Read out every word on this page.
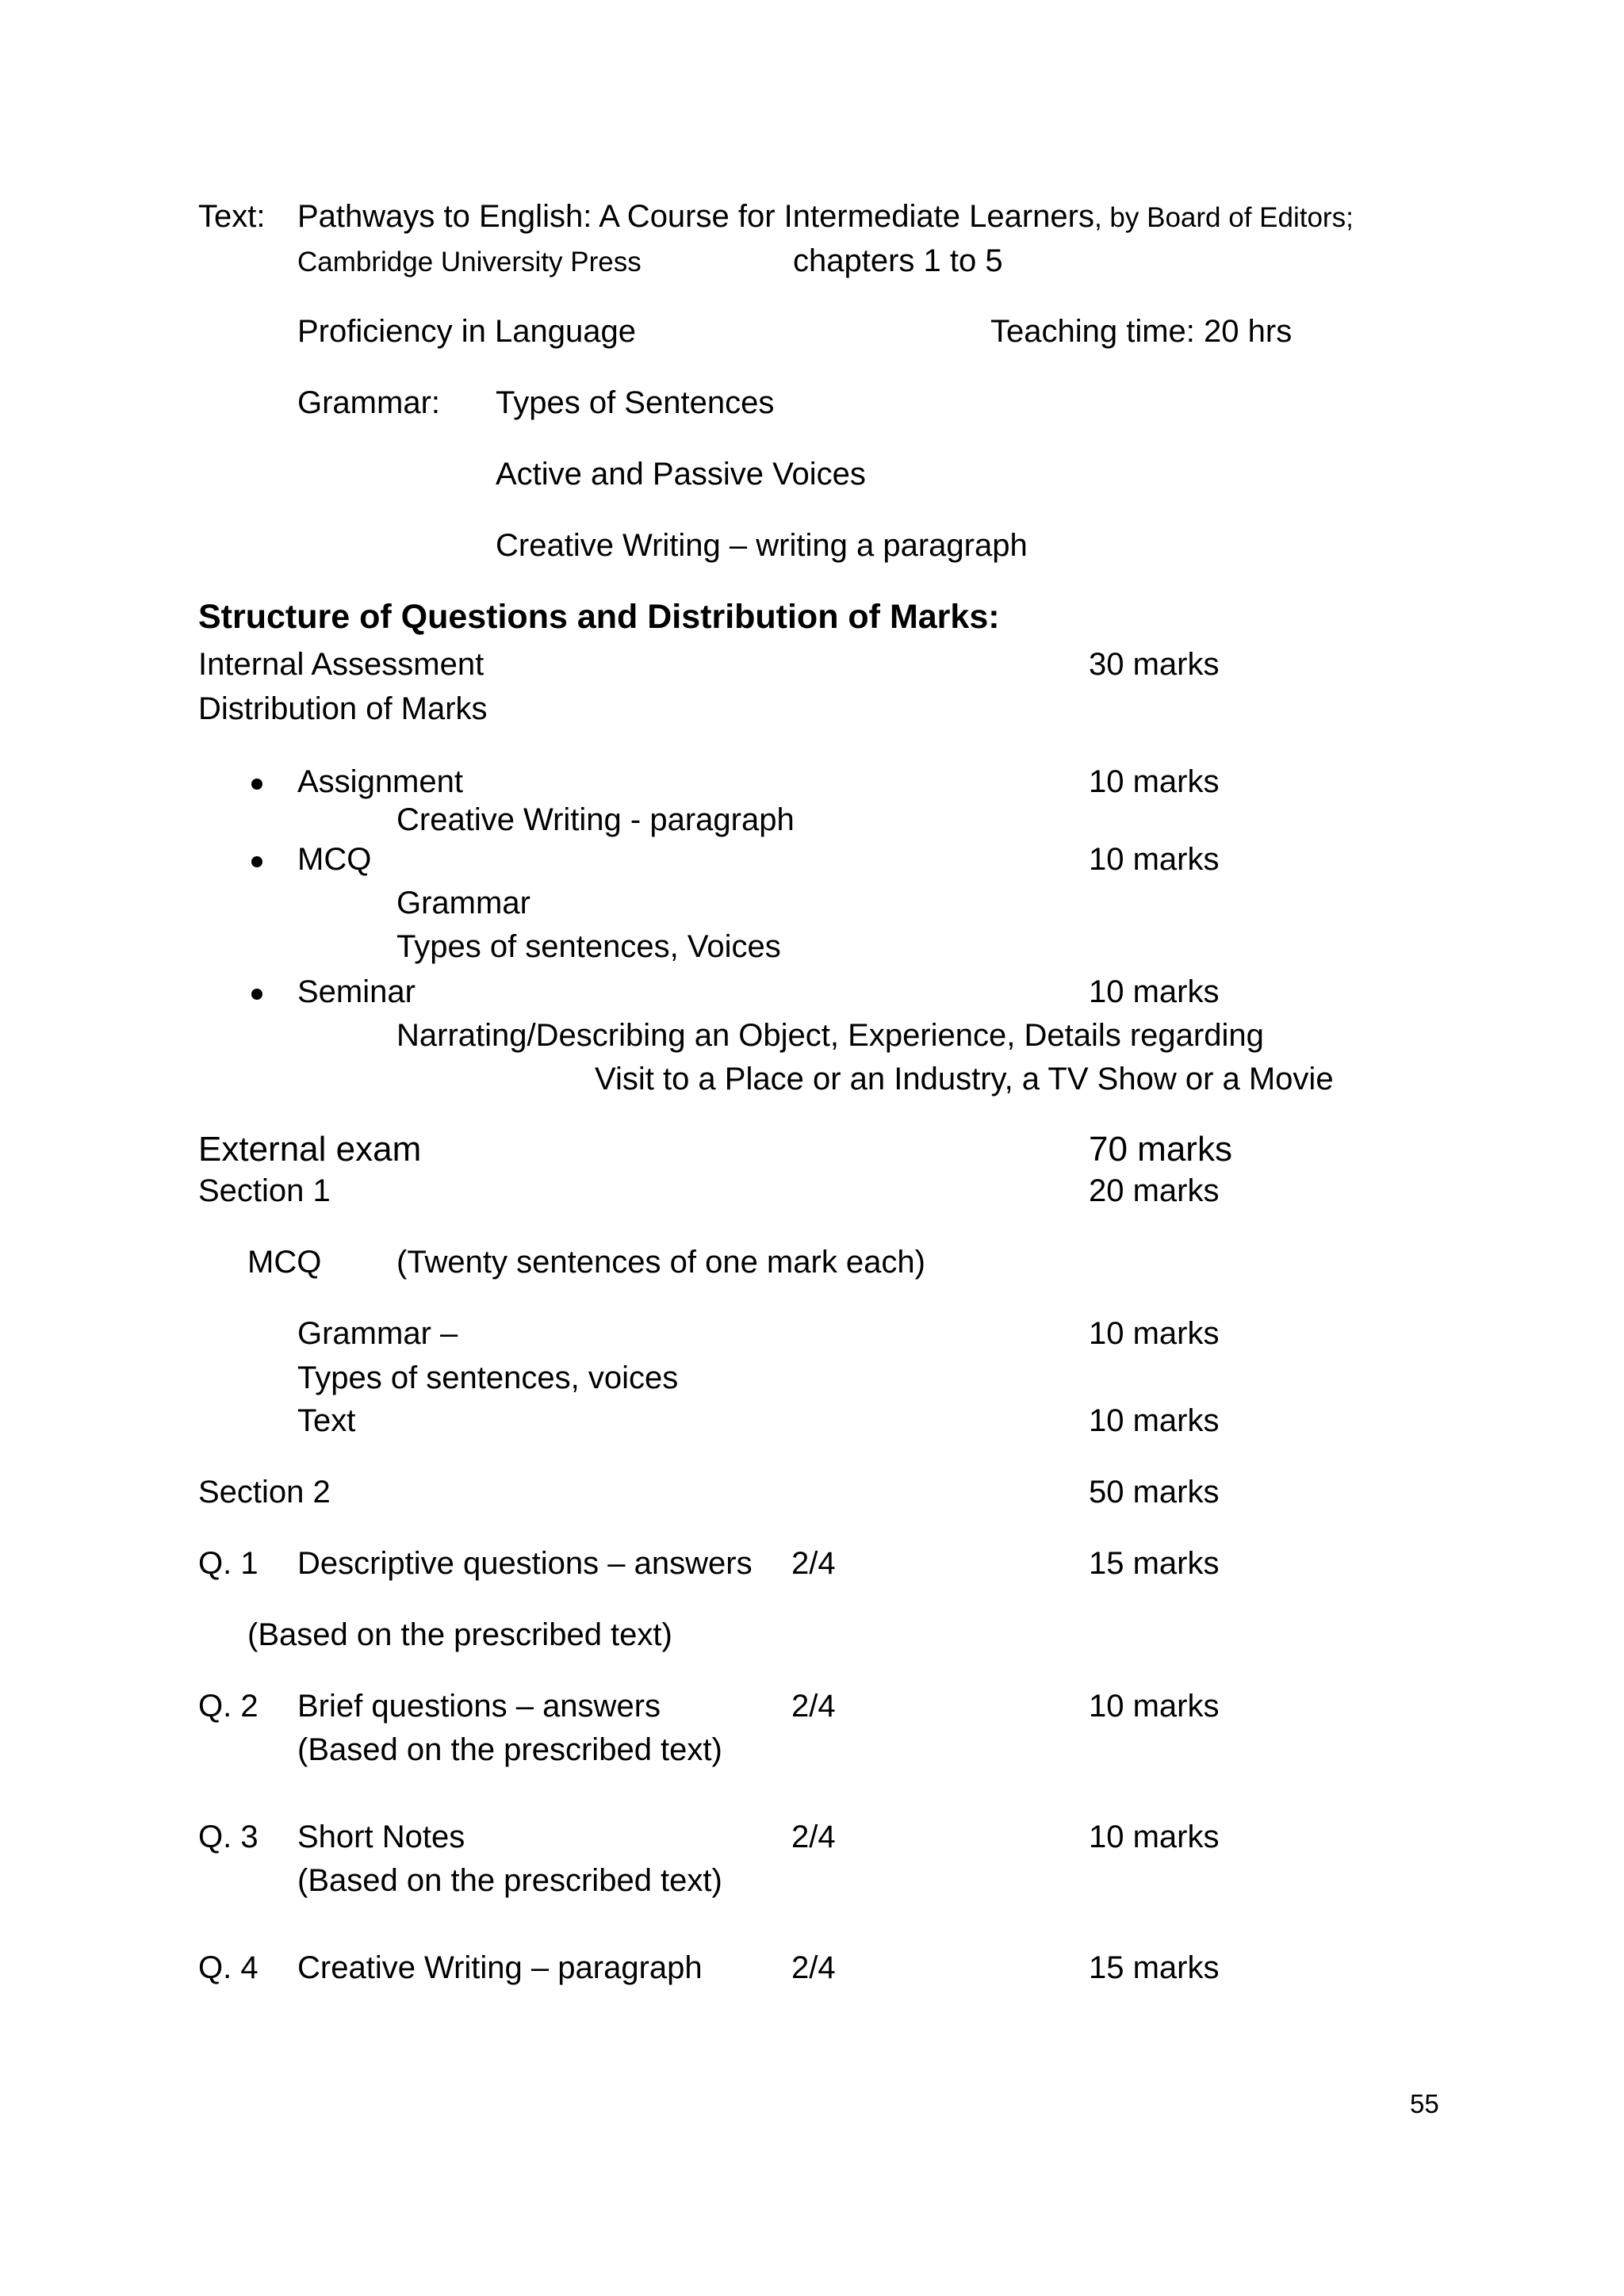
Text: Pathways to English: A Course for Intermediate Learners, by Board of Editors;
Cambridge University Press	chapters 1 to 5
Proficiency in Language	Teaching time: 20 hrs
Grammar: Types of Sentences
Active and Passive Voices
Creative Writing – writing a paragraph
Structure of Questions and Distribution of Marks:
Internal Assessment	30 marks
Distribution of Marks
Assignment	10 marks
Creative Writing - paragraph
MCQ	10 marks
Grammar
Types of sentences, Voices
Seminar	10 marks
Narrating/Describing an Object, Experience, Details regarding
Visit to a Place or an Industry, a TV Show or a Movie
External exam	70 marks
Section 1	20 marks
MCQ (Twenty sentences of one mark each)
Grammar –	10 marks
Types of sentences, voices
Text	10 marks
Section 2	50 marks
Q. 1 Descriptive questions – answers 2/4	15 marks
(Based on the prescribed text)
Q. 2 Brief questions – answers	2/4	10 marks
(Based on the prescribed text)
Q. 3 Short Notes	2/4	10 marks
(Based on the prescribed text)
Q. 4 Creative Writing – paragraph	2/4	15 marks
55
